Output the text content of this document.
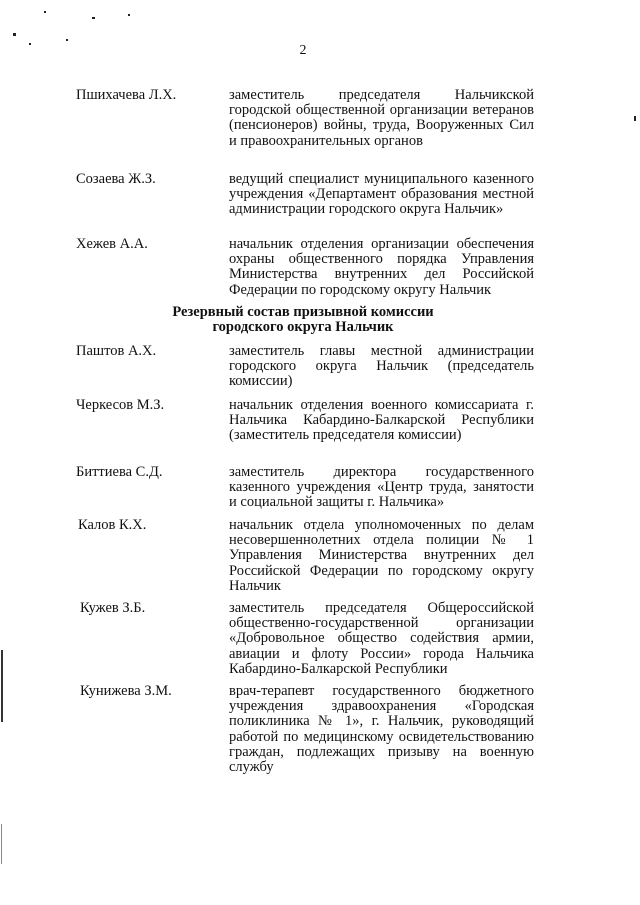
2
Пшихачева Л.Х.	заместитель председателя Нальчикской городской общественной организации ветеранов (пенсионеров) войны, труда, Вооруженных Сил и правоохранительных органов
Созаева Ж.З.	ведущий специалист муниципального казенного учреждения «Департамент образования местной администрации городского округа Нальчик»
Хежев А.А.	начальник отделения организации обеспечения охраны общественного порядка Управления Министерства внутренних дел Российской Федерации по городскому округу Нальчик
Резервный состав призывной комиссии
городского округа Нальчик
Паштов А.Х.	заместитель главы местной администрации городского округа Нальчик (председатель комиссии)
Черкесов М.З.	начальник отделения военного комиссариата г. Нальчика Кабардино-Балкарской Республики (заместитель председателя комиссии)
Биттиева С.Д.	заместитель директора государственного казенного учреждения «Центр труда, занятости и социальной защиты г. Нальчика»
Калов К.Х.	начальник отдела уполномоченных по делам несовершеннолетних отдела полиции № 1 Управления Министерства внутренних дел Российской Федерации по городскому округу Нальчик
Кужев З.Б.	заместитель председателя Общероссийской общественно-государственной организации «Добровольное общество содействия армии, авиации и флоту России» города Нальчика Кабардино-Балкарской Республики
Кунижева З.М.	врач-терапевт государственного бюджетного учреждения здравоохранения «Городская поликлиника № 1», г. Нальчик, руководящий работой по медицинскому освидетельствованию граждан, подлежащих призыву на военную службу
